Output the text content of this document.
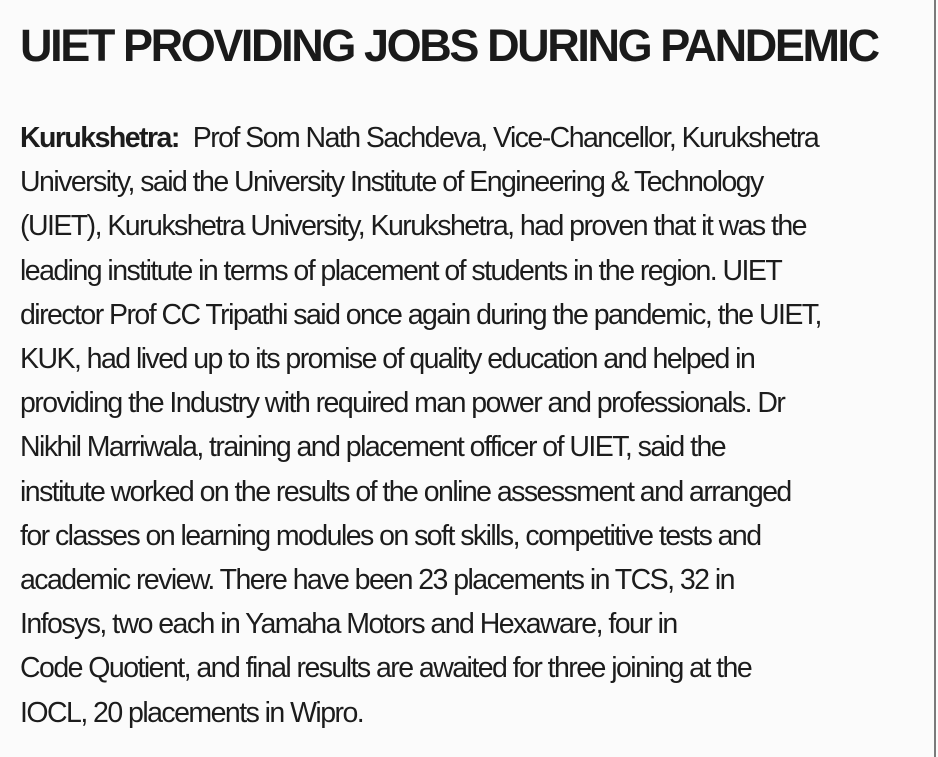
UIET PROVIDING JOBS DURING PANDEMIC
Kurukshetra: Prof Som Nath Sachdeva, Vice-Chancellor, Kurukshetra
University, said the University Institute of Engineering & Technology
(UIET), Kurukshetra University, Kurukshetra, had proven that it was the
leading institute in terms of placement of students in the region. UIET
director Prof CC Tripathi said once again during the pandemic, the UIET,
KUK, had lived up to its promise of quality education and helped in
providing the Industry with required man power and professionals. Dr
Nikhil Marriwala, training and placement officer of UIET, said the
institute worked on the results of the online assessment and arranged
for classes on learning modules on soft skills, competitive tests and
academic review. There have been 23 placements in TCS, 32 in
Infosys, two each in Yamaha Motors and Hexaware, four in
Code Quotient, and final results are awaited for three joining at the
IOCL, 20 placements in Wipro.
